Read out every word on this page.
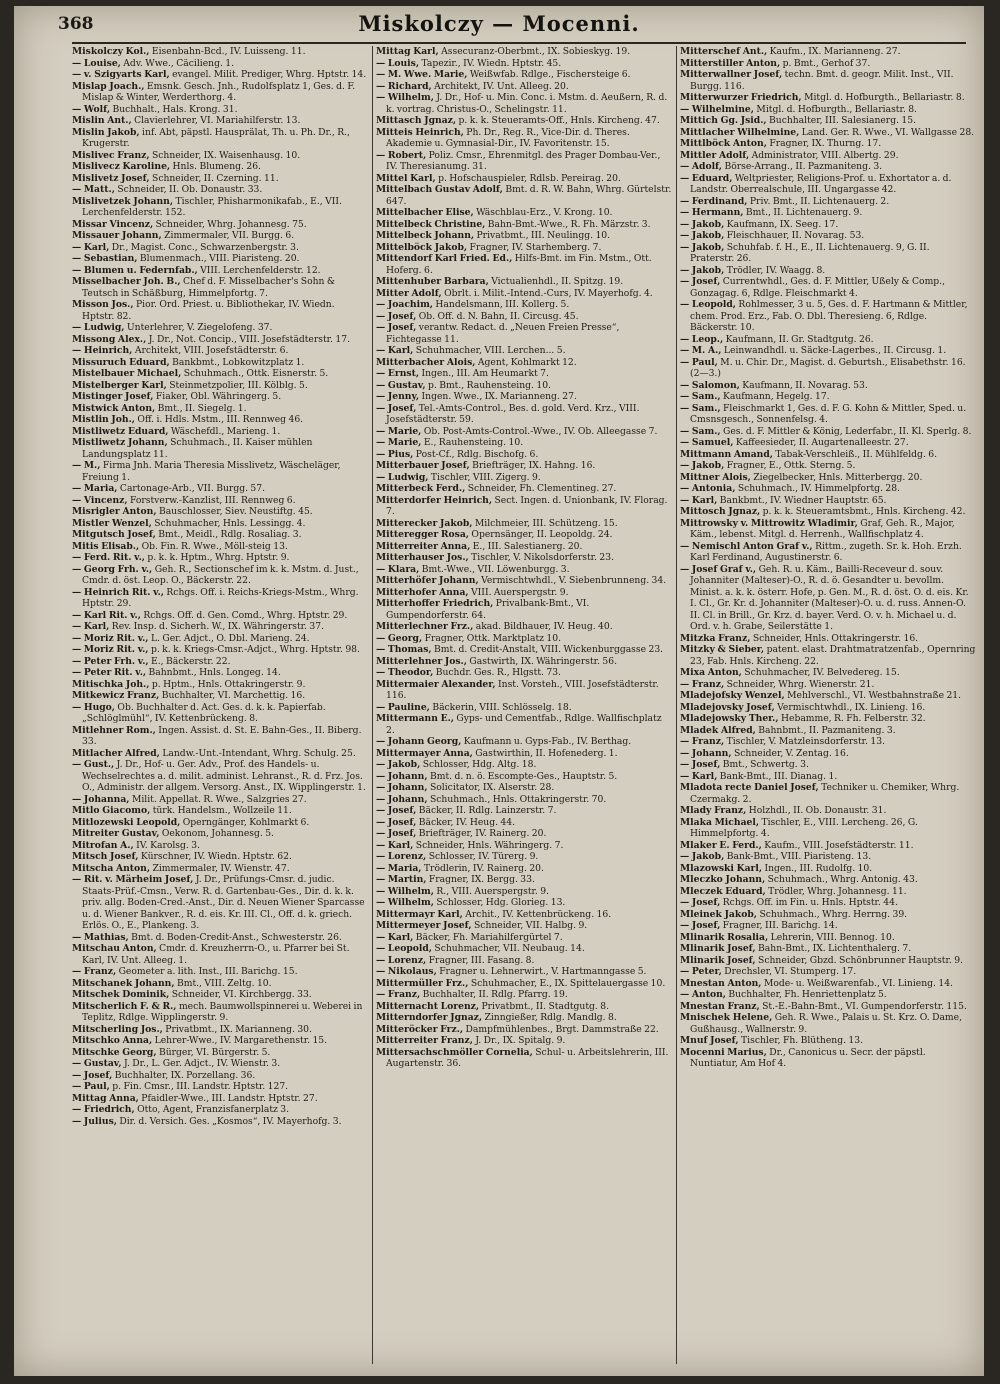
368	Miskolczy — Mocenni.

Miskolczy Kol., Eisenbahn-Bcd., IV. Luisseng. 11.

— Louise, Adv. Wwe., Cäcilieng. 1.

— v. Szigyarts Karl, evangel. Milit. Prediger, Whrg. Hptstr. 14.

Mislap Joach., Emsnk. Gesch. Jnh., Rudolfsplatz 1, Ges. d. F. Mislap & Winter, Werderthorg. 4.

— Wolf, Buchhalt., Hals. Krong. 31.

Mislin Ant., Clavierlehrer, VI. Mariahilferstr. 13.

Mislin Jakob, inf. Abt, päpstl. Hausprälat, Th. u. Ph. Dr., R., Krugerstr.

Mislivec Franz, Schneider, IX. Waisenhausg. 10.

Mislivecz Karoline, Hnls. Blumeng. 26.

Mislivetz Josef, Schneider, II. Czerning. 11.

— Matt., Schneider, II. Ob. Donaustr. 33.

Mislivetzek Johann, Tischler, Phisharmonikafab., E., VII. Lerchenfelderstr. 152.

Missar Vincenz, Schneider, Whrg. Johannesg. 75.

Missauer Johann, Zimmermaler, VII. Burgg. 6.

— Karl, Dr., Magist. Conc., Schwarzenbergstr. 3.

— Sebastian, Blumenmach., VIII. Piaristeng. 20.

— Blumen u. Federnfab., VIII. Lerchenfelderstr. 12.

Misselbacher Joh. B., Chef d. F. Misselbacher's Sohn & Teutsch in Schäßburg, Himmelpfortg. 7.

Misson Jos., Pior. Ord. Priest. u. Bibliothekar, IV. Wiedn. Hptstr. 82.

— Ludwig, Unterlehrer, V. Ziegelofeng. 37.

Missong Alex., J. Dr., Not. Concip., VIII. Josefstädterstr. 17.

— Heinrich, Architekt, VIII. Josefstädterstr. 6.

Missuruch Eduard, Bankbmt., Lobkowitzplatz 1.

Mistelbauer Michael, Schuhmach., Ottk. Eisnerstr. 5.

Mistelberger Karl, Steinmetzpolier, III. Kölblg. 5.

Mistinger Josef, Fiaker, Obl. Währingerg. 5.

Mistwick Anton, Bmt., II. Siegelg. 1.

Mistlin Joh., Off. i. Hdls. Mstm., III. Rennweg 46.

Mistliwetz Eduard, Wäschefdl., Marieng. 1.

Mistliwetz Johann, Schuhmach., II. Kaiser mühlen Landungsplatz 11.

— M., Firma Jnh. Maria Theresia Misslivetz, Wäscheläger, Freiung 1.

— Maria, Cartonage-Arb., VII. Burgg. 57.

— Vincenz, Forstverw.-Kanzlist, III. Rennweg 6.

Misrigler Anton, Bauschlosser, Siev. Neustiftg. 45.

Mistler Wenzel, Schuhmacher, Hnls. Lessingg. 4.

Mitgutsch Josef, Bmt., Meidl., Rdlg. Rosaliag. 3.

Mitis Elisab., Ob. Fin. R. Wwe., Möll-steig 13.

— Ferd. Rit. v., p. k. k. Hptm., Whrg. Hptstr. 9.

— Georg Frh. v., Geh. R., Sectionschef im k. k. Mstm. d. Just., Cmdr. d. öst. Leop. O., Bäckerstr. 22.

— Heinrich Rit. v., Rchgs. Off. i. Reichs-Kriegs-Mstm., Whrg. Hptstr. 29.

— Karl Rit. v., Rchgs. Off. d. Gen. Comd., Whrg. Hptstr. 29.

— Karl, Rev. Insp. d. Sicherh. W., IX. Währingerstr. 37.

— Moriz Rit. v., L. Ger. Adjct., O. Dbl. Marieng. 24.

— Moriz Rit. v., p. k. k. Kriegs-Cmsr.-Adjct., Whrg. Hptstr. 98.

— Peter Frh. v., E., Bäckerstr. 22.

— Peter Rit. v., Bahnbmt., Hnls. Longeg. 14.

Mitischka Joh., p. Hptm., Hnls. Ottakringerstr. 9.

Mitkewicz Franz, Buchhalter, VI. Marchettig. 16.

— Hugo, Ob. Buchhalter d. Act. Ges. d. k. k. Papierfab. „Schlöglmühl“, IV. Kettenbrückeng. 8.

Mitlehner Rom., Ingen. Assist. d. St. E. Bahn-Ges., II. Biberg. 33.

Mitlacher Alfred, Landw.-Unt.-Intendant, Whrg. Schulg. 25.

— Gust., J. Dr., Hof- u. Ger. Adv., Prof. des Handels- u. Wechselrechtes a. d. milit. administ. Lehranst., R. d. Frz. Jos. O., Administr. der allgem. Versorg. Anst., IX. Wipplingerstr. 1.

— Johanna, Milit. Appellat. R. Wwe., Salzgries 27.

Mitlo Giacomo, türk. Handelsm., Wollzeile 11.

Mitlozewski Leopold, Operngänger, Kohlmarkt 6.

Mitreiter Gustav, Oekonom, Johannesg. 5.

Mitrofan A., IV. Karolsg. 3.

Mitsch Josef, Kürschner, IV. Wiedn. Hptstr. 62.

Mitscha Anton, Zimmermaler, IV. Wienstr. 47.

— Rit. v. Märheim Josef, J. Dr., Prüfungs-Cmsr. d. judic. Staats-Prüf.-Cmsn., Verw. R. d. Gartenbau-Ges., Dir. d. k. k. priv. allg. Boden-Cred.-Anst., Dir. d. Neuen Wiener Sparcasse u. d. Wiener Bankver., R. d. eis. Kr. III. Cl., Off. d. k. griech. Erlös. O., E., Plankeng. 3.

— Mathias, Bmt. d. Boden-Credit-Anst., Schwesterstr. 26.

Mitschau Anton, Cmdr. d. Kreuzherrn-O., u. Pfarrer bei St. Karl, IV. Unt. Alleeg. 1.

— Franz, Geometer a. lith. Inst., III. Barichg. 15.

Mitschanek Johann, Bmt., VIII. Zeltg. 10.

Mitschek Dominik, Schneider, VI. Kirchbergg. 33.

Mitscherlich F. & R., mech. Baumwollspinnerei u. Weberei in Teplitz, Rdlge. Wipplingerstr. 9.

Mitscherling Jos., Privatbmt., IX. Marianneng. 30.

Mitschko Anna, Lehrer-Wwe., IV. Margarethenstr. 15.

Mitschke Georg, Bürger, VI. Bürgerstr. 5.

— Gustav, J. Dr., L. Ger. Adjct., IV. Wienstr. 3.

— Josef, Buchhalter, IX. Porzellang. 36.

— Paul, p. Fin. Cmsr., III. Landstr. Hptstr. 127.

Mittag Anna, Pfaidler-Wwe., III. Landstr. Hptstr. 27.

— Friedrich, Otto, Agent, Franzisfanerplatz 3.

— Julius, Dir. d. Versich. Ges. „Kosmos“, IV. Mayerhofg. 3.

Mittag Karl, Assecuranz-Oberbmt., IX. Sobieskyg. 19.

— Louis, Tapezir., IV. Wiedn. Hptstr. 45.

— M. Wwe. Marie, Weißwfab. Rdlge., Fischersteige 6.

— Richard, Architekt, IV. Unt. Alleeg. 20.

— Wilhelm, J. Dr., Hof- u. Min. Conc. i. Mstm. d. Aeußern, R. d. k. vortrag. Christus-O., Schelingstr. 11.

Mittasch Jgnaz, p. k. k. Steueramts-Off., Hnls. Kircheng. 47.

Mitteis Heinrich, Ph. Dr., Reg. R., Vice-Dir. d. Theres. Akademie u. Gymnasial-Dir., IV. Favoritenstr. 15.

— Robert, Poliz. Cmsr., Ehrenmitgl. des Prager Dombau-Ver., IV. Theresianumg. 31.

Mittel Karl, p. Hofschauspieler, Rdlsb. Pereirag. 20.

Mittelbach Gustav Adolf, Bmt. d. R. W. Bahn, Whrg. Gürtelstr. 647.

Mittelbacher Elise, Wäschblau-Erz., V. Krong. 10.

Mittelbeck Christine, Bahn-Bmt.-Wwe., R. Fh. Märzstr. 3.

Mittelbeck Johann, Privatbmt., III. Neulingg. 10.

Mittelböck Jakob, Fragner, IV. Starhemberg. 7.

Mittendorf Karl Fried. Ed., Hilfs-Bmt. im Fin. Mstm., Ott. Hoferg. 6.

Mittenhuber Barbara, Victualienhdl., II. Spitzg. 19.

Mitter Adolf, Obrlt. i. Milit.-Intend.-Curs, IV. Mayerhofg. 4.

— Joachim, Handelsmann, III. Kollerg. 5.

— Josef, Ob. Off. d. N. Bahn, II. Circusg. 45.

— Josef, verantw. Redact. d. „Neuen Freien Presse“, Fichtegasse 11.

— Karl, Schuhmacher, VIII. Lerchen... 5.

Mitterbacher Alois, Agent, Kohlmarkt 12.

— Ernst, Ingen., III. Am Heumarkt 7.

— Gustav, p. Bmt., Rauhensteing. 10.

— Jenny, Ingen. Wwe., IX. Marianneng. 27.

— Josef, Tel.-Amts-Control., Bes. d. gold. Verd. Krz., VIII. Josefstädterstr. 59.

— Marie, Ob. Post-Amts-Control.-Wwe., IV. Ob. Alleegasse 7.

— Marie, E., Rauhensteing. 10.

— Pius, Post-Cf., Rdlg. Bischofg. 6.

Mitterbauer Josef, Briefträger, IX. Hahng. 16.

— Ludwig, Tischler, VIII. Zigerg. 9.

Mitterbeck Ferd., Schneider, Fh. Clementineg. 27.

Mitterdorfer Heinrich, Sect. Ingen. d. Unionbank, IV. Florag. 7.

Mitterecker Jakob, Milchmeier, III. Schützeng. 15.

Mitteregger Rosa, Opernsänger, II. Leopoldg. 24.

Mitterreiter Anna, E., III. Salestianerg. 20.

Mitterhauser Jos., Tischler, V. Nikolsdorferstr. 23.

— Klara, Bmt.-Wwe., VII. Löwenburgg. 3.

Mitterhöfer Johann, Vermischtwhdl., V. Siebenbrunneng. 34.

Mitterhofer Anna, VIII. Auerspergstr. 9.

Mitterhoffer Friedrich, Privalbank-Bmt., VI. Gumpendorferstr. 64.

Mitterlechner Frz., akad. Bildhauer, IV. Heug. 40.

— Georg, Fragner, Ottk. Marktplatz 10.

— Thomas, Bmt. d. Credit-Anstalt, VIII. Wickenburggasse 23.

Mitterlehner Jos., Gastwirth, IX. Währingerstr. 56.

— Theodor, Buchdr. Ges. R., Hlgstt. 73.

Mittermaier Alexander, Inst. Vorsteh., VIII. Josefstädterstr. 116.

— Pauline, Bäckerin, VIII. Schlösselg. 18.

Mittermann E., Gyps- und Cementfab., Rdlge. Wallfischplatz 2.

— Johann Georg, Kaufmann u. Gyps-Fab., IV. Berthag.

Mittermayer Anna, Gastwirthin, II. Hofenederg. 1.

— Jakob, Schlosser, Hdg. Altg. 18.

— Johann, Bmt. d. n. ö. Escompte-Ges., Hauptstr. 5.

— Johann, Solicitator, IX. Alserstr. 28.

— Johann, Schuhmach., Hnls. Ottakringerstr. 70.

— Josef, Bäcker, II. Rdlg. Lainzerstr. 7.

— Josef, Bäcker, IV. Heug. 44.

— Josef, Briefträger, IV. Rainerg. 20.

— Karl, Schneider, Hnls. Währingerg. 7.

— Lorenz, Schlosser, IV. Türerg. 9.

— Maria, Trödlerin, IV. Rainerg. 20.

— Martin, Fragner, IX. Bergg. 33.

— Wilhelm, R., VIII. Auerspergstr. 9.

— Wilhelm, Schlosser, Hdg. Glorieg. 13.

Mittermayr Karl, Archit., IV. Kettenbrückeng. 16.

Mittermeyer Josef, Schneider, VII. Halbg. 9.

— Karl, Bäcker, Fh. Mariahilfergürtel 7.

— Leopold, Schuhmacher, VII. Neubaug. 14.

— Lorenz, Fragner, III. Fasang. 8.

— Nikolaus, Fragner u. Lehnerwirt., V. Hartmanngasse 5.

Mittermüller Frz., Schuhmacher, E., IX. Spittelauergasse 10.

— Franz, Buchhalter, II. Rdlg. Pfarrg. 19.

Mitternacht Lorenz, Privatbmt., II. Stadtgutg. 8.

Mitterndorfer Jgnaz, Zinngießer, Rdlg. Mandlg. 8.

Mitteröcker Frz., Dampfmühlenbes., Brgt. Dammstraße 22.

Mitterreiter Franz, J. Dr., IX. Spitalg. 9.

Mittersachschmöller Cornelia, Schul- u. Arbeitslehrerin, III. Augartenstr. 36.

Mitterschef Ant., Kaufm., IX. Marianneng. 27.

Mitterstiller Anton, p. Bmt., Gerhof 37.

Mitterwallner Josef, techn. Bmt. d. geogr. Milit. Inst., VII. Burgg. 116.

Mitterwurzer Friedrich, Mitgl. d. Hofburgth., Bellariastr. 8.

— Wilhelmine, Mitgl. d. Hofburgth., Bellariastr. 8.

Mittich Gg. Jsid., Buchhalter, III. Salesianerg. 15.

Mittlacher Wilhelmine, Land. Ger. R. Wwe., VI. Wallgasse 28.

Mittlböck Anton, Fragner, IX. Thurng. 17.

Mittler Adolf, Administrator, VIII. Albertg. 29.

— Adolf, Börse-Arrang., II. Pazmaniteng. 3.

— Eduard, Weltpriester, Religions-Prof. u. Exhortator a. d. Landstr. Oberrealschule, III. Ungargasse 42.

— Ferdinand, Priv. Bmt., II. Lichtenauerg. 2.

— Hermann, Bmt., II. Lichtenauerg. 9.

— Jakob, Kaufmann, IX. Seeg. 17.

— Jakob, Fleischhauer, II. Novarag. 53.

— Jakob, Schuhfab. f. H., E., II. Lichtenauerg. 9, G. II. Praterstr. 26.

— Jakob, Trödler, IV. Waagg. 8.

— Josef, Currentwhdl., Ges. d. F. Mittler, Ußely & Comp., Gonzagag. 6, Rdlge. Fleischmarkt 4.

— Leopold, Rohlmesser, 3 u. 5, Ges. d. F. Hartmann & Mittler, chem. Prod. Erz., Fab. O. Dbl. Theresieng. 6, Rdlge. Bäckerstr. 10.

— Leop., Kaufmann, II. Gr. Stadtgutg. 26.

— M. A., Leinwandhdl. u. Säcke-Lagerbes., II. Circusg. 1.

— Paul, M. u. Chir. Dr., Magist. d. Geburtsh., Elisabethstr. 16. (2—3.)

— Salomon, Kaufmann, II. Novarag. 53.

— Sam., Kaufmann, Hegelg. 17.

— Sam., Fleischmarkt 1, Ges. d. F. G. Kohn & Mittler, Sped. u. Cmsnsgesch., Sonnenfelsg. 4.

— Sam., Ges. d. F. Mittler & König, Lederfabr., II. Kl. Sperlg. 8.

— Samuel, Kaffeesieder, II. Augartenalleestr. 27.

Mittmann Amand, Tabak-Verschleiß., II. Mühlfeldg. 6.

— Jakob, Fragner, E., Ottk. Sterng. 5.

Mittner Alois, Ziegelbecker, Hnls. Mitterbergg. 20.

— Antonia, Schuhmach., IV. Himmelpfortg. 28.

— Karl, Bankbmt., IV. Wiedner Hauptstr. 65.

Mittosch Jgnaz, p. k. k. Steueramtsbmt., Hnls. Kircheng. 42.

Mittrowsky v. Mittrowitz Wladimir, Graf, Geh. R., Major, Käm., lebenst. Mitgl. d. Herrenh., Wallfischplatz 4.

— Nemischl Anton Graf v., Rittm., zugeth. Sr. k. Hoh. Erzh. Karl Ferdinand, Augustinerstr. 6.

— Josef Graf v., Geh. R. u. Käm., Bailli-Receveur d. souv. Johanniter (Malteser)-O., R. d. ö. Gesandter u. bevollm. Minist. a. k. k. österr. Hofe, p. Gen. M., R. d. öst. O. d. eis. Kr. I. Cl., Gr. Kr. d. Johanniter (Malteser)-O. u. d. russ. Annen-O. II. Cl. in Brill., Gr. Krz. d. bayer. Verd. O. v. h. Michael u. d. Ord. v. h. Grabe, Seilerstätte 1.

Mitzka Franz, Schneider, Hnls. Ottakringerstr. 16.

Mitzky & Sieber, patent. elast. Drahtmatratzenfab., Opernring 23, Fab. Hnls. Kircheng. 22.

Mixa Anton, Schuhmacher, IV. Belvedereg. 15.

— Franz, Schneider, Whrg. Wienerstr. 21.

Mladejofsky Wenzel, Mehlverschl., VI. Westbahnstraße 21.

Mladejovsky Josef, Vermischtwhdl., IX. Linieng. 16.

Mladejowsky Ther., Hebamme, R. Fh. Felberstr. 32.

Mladek Alfred, Bahnbmt., II. Pazmaniteng. 3.

— Franz, Tischler, V. Matzleinsdorferstr. 13.

— Johann, Schneider, V. Zentag. 16.

— Josef, Bmt., Schwertg. 3.

— Karl, Bank-Bmt., III. Dianag. 1.

Mladota recte Daniel Josef, Techniker u. Chemiker, Whrg. Czermakg. 2.

Mlady Franz, Holzhdl., II. Ob. Donaustr. 31.

Mlaka Michael, Tischler, E., VIII. Lercheng. 26, G. Himmelpfortg. 4.

Mlaker E. Ferd., Kaufm., VIII. Josefstädterstr. 11.

— Jakob, Bank-Bmt., VIII. Piaristeng. 13.

Mlazowski Karl, Ingen., III. Rudolfg. 10.

Mleczko Johann, Schuhmach., Whrg. Antonig. 43.

Mleczek Eduard, Trödler, Whrg. Johannesg. 11.

— Josef, Rchgs. Off. im Fin. u. Hnls. Hptstr. 44.

Mleinek Jakob, Schuhmach., Whrg. Herrng. 39.

— Josef, Fragner, III. Barichg. 14.

Mlinarik Rosalia, Lehrerin, VIII. Bennog. 10.

Mlinarik Josef, Bahn-Bmt., IX. Lichtenthalerg. 7.

Mlinarik Josef, Schneider, Gbzd. Schönbrunner Hauptstr. 9.

— Peter, Drechsler, VI. Stumperg. 17.

Mnestan Anton, Mode- u. Weißwarenfab., VI. Linieng. 14.

— Anton, Buchhalter, Fh. Henriettenplatz 5.

Mnestan Franz, St.-E.-Bahn-Bmt., VI. Gumpendorferstr. 115.

Mnischek Helene, Geh. R. Wwe., Palais u. St. Krz. O. Dame, Gußhausg., Wallnerstr. 9.

Mnuf Josef, Tischler, Fh. Blütheng. 13.

Mocenni Marius, Dr., Canonicus u. Secr. der päpstl. Nuntiatur, Am Hof 4.
